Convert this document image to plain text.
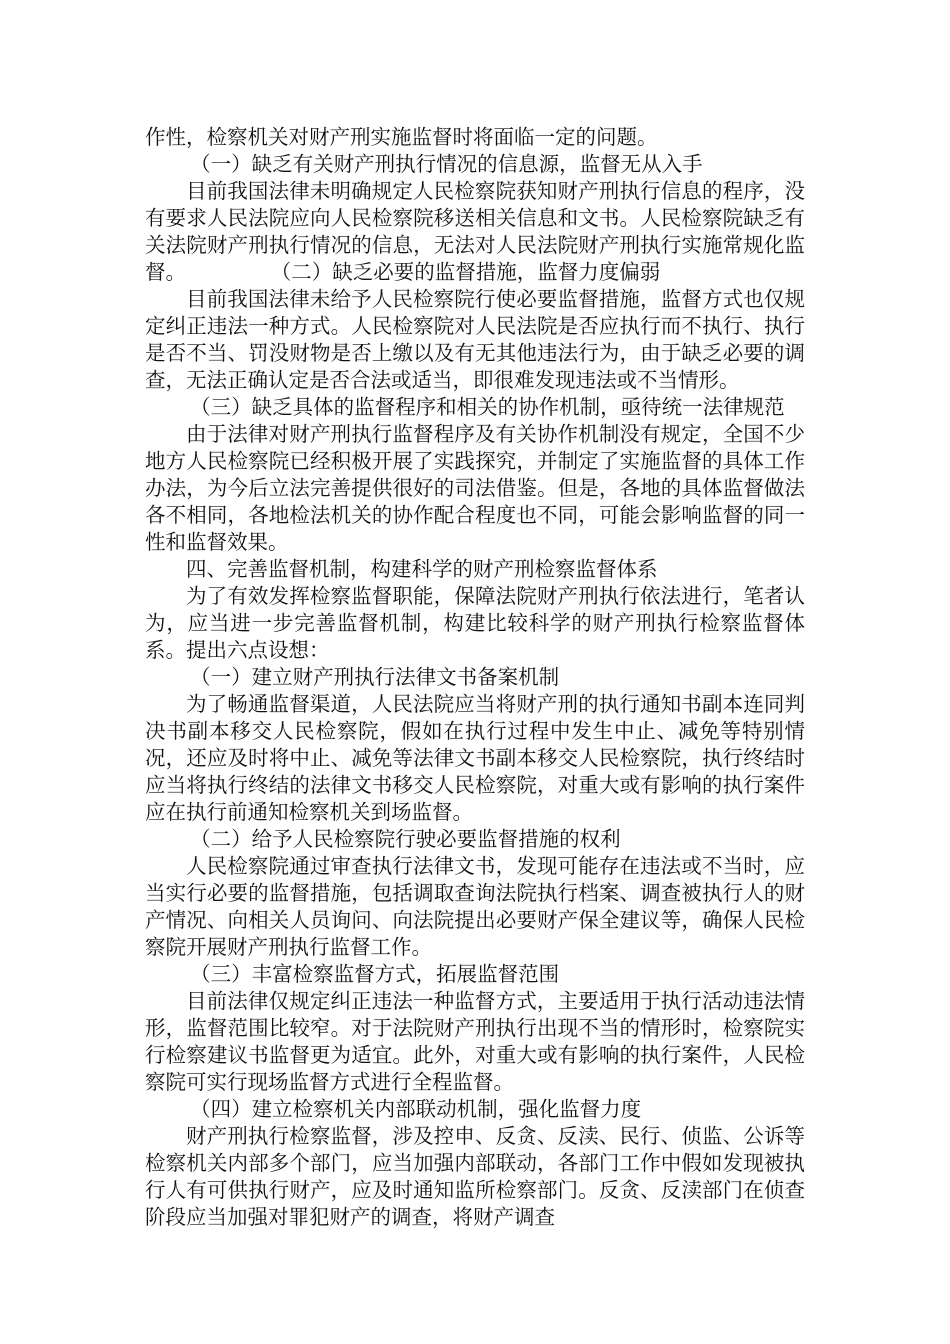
作性，检察机关对财产刑实施监督时将面临一定的问题。

（一）缺乏有关财产刑执行情况的信息源，监督无从入手

目前我国法律未明确规定人民检察院获知财产刑执行信息的程序，没有要求人民法院应向人民检察院移送相关信息和文书。人民检察院缺乏有关法院财产刑执行情况的信息，无法对人民法院财产刑执行实施常规化监督。             （二）缺乏必要的监督措施，监督力度偏弱

目前我国法律未给予人民检察院行使必要监督措施，监督方式也仅规定纠正违法一种方式。人民检察院对人民法院是否应执行而不执行、执行是否不当、罚没财物是否上缴以及有无其他违法行为，由于缺乏必要的调查，无法正确认定是否合法或适当，即很难发现违法或不当情形。

（三）缺乏具体的监督程序和相关的协作机制，亟待统一法律规范

由于法律对财产刑执行监督程序及有关协作机制没有规定，全国不少地方人民检察院已经积极开展了实践探究，并制定了实施监督的具体工作办法，为今后立法完善提供很好的司法借鉴。但是，各地的具体监督做法各不相同，各地检法机关的协作配合程度也不同，可能会影响监督的同一性和监督效果。

四、完善监督机制，构建科学的财产刑检察监督体系

为了有效发挥检察监督职能，保障法院财产刑执行依法进行，笔者认为，应当进一步完善监督机制，构建比较科学的财产刑执行检察监督体系。提出六点设想：

（一）建立财产刑执行法律文书备案机制

为了畅通监督渠道，人民法院应当将财产刑的执行通知书副本连同判决书副本移交人民检察院，假如在执行过程中发生中止、减免等特别情况，还应及时将中止、减免等法律文书副本移交人民检察院，执行终结时应当将执行终结的法律文书移交人民检察院，对重大或有影响的执行案件应在执行前通知检察机关到场监督。

（二）给予人民检察院行驶必要监督措施的权利

人民检察院通过审查执行法律文书，发现可能存在违法或不当时，应当实行必要的监督措施，包括调取查询法院执行档案、调查被执行人的财产情况、向相关人员询问、向法院提出必要财产保全建议等，确保人民检察院开展财产刑执行监督工作。

（三）丰富检察监督方式，拓展监督范围

目前法律仅规定纠正违法一种监督方式，主要适用于执行活动违法情形，监督范围比较窄。对于法院财产刑执行出现不当的情形时，检察院实行检察建议书监督更为适宜。此外，对重大或有影响的执行案件，人民检察院可实行现场监督方式进行全程监督。

（四）建立检察机关内部联动机制，强化监督力度

财产刑执行检察监督，涉及控申、反贪、反渎、民行、侦监、公诉等检察机关内部多个部门，应当加强内部联动，各部门工作中假如发现被执行人有可供执行财产，应及时通知监所检察部门。反贪、反渎部门在侦查阶段应当加强对罪犯财产的调查，将财产调查
